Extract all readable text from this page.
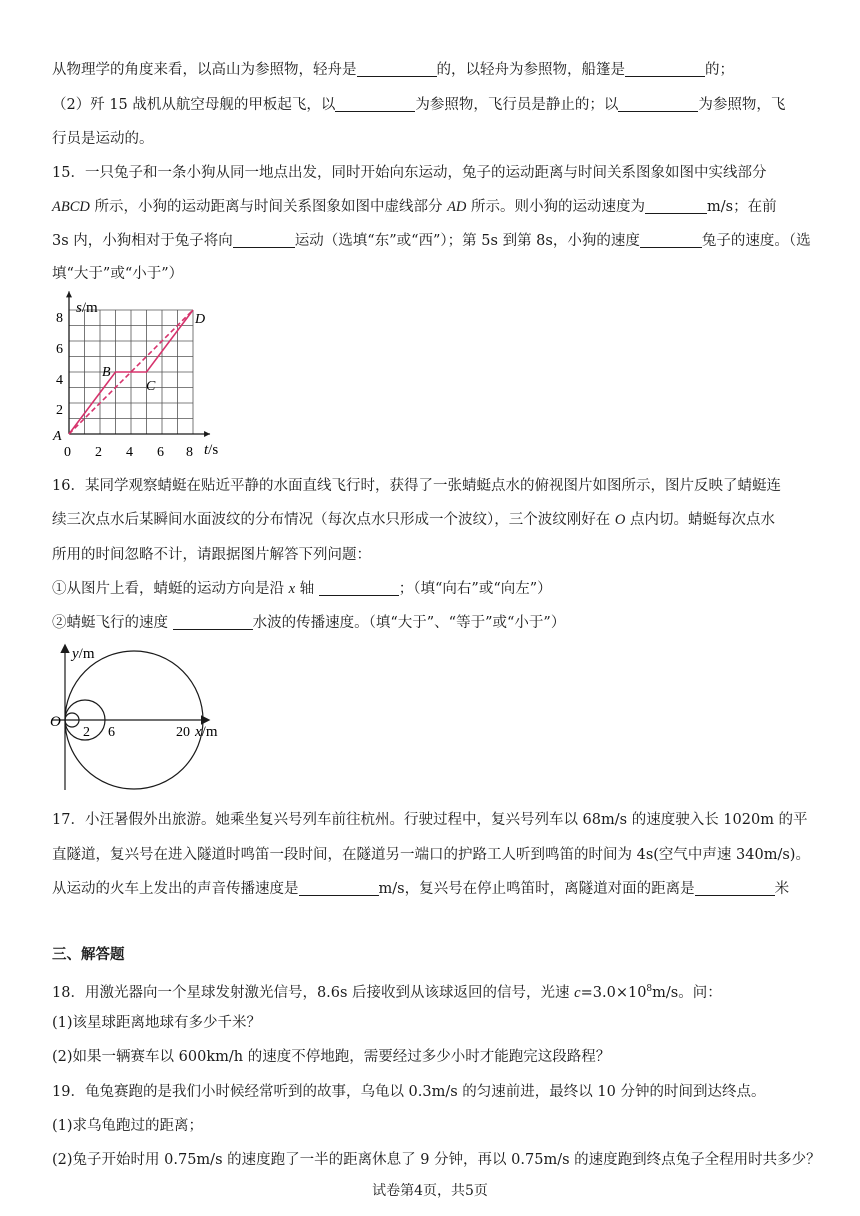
从物理学的角度来看，以高山为参照物，轻舟是	的，以轻舟为参照物，船篷是	的；
（2）歼 15 战机从航空母舰的甲板起飞，以	为参照物，飞行员是静止的；以	为参照物，飞
行员是运动的。
15．一只兔子和一条小狗从同一地点出发，同时开始向东运动，兔子的运动距离与时间关系图象如图中实线部分
ABCD 所示，小狗的运动距离与时间关系图象如图中虚线部分 AD 所示。则小狗的运动速度为	m/s；在前
3s 内，小狗相对于兔子将向	运动（选填“东”或“西”）；第 5s 到第 8s，小狗的速度	兔子的速度。（选
填“大于”或“小于”）
s/m
t/s
8
6
4
2
0 2 4 6 8
A
B
C
D
16．某同学观察蜻蜓在贴近平静的水面直线飞行时，获得了一张蜻蜓点水的俯视图片如图所示，图片反映了蜻蜓连
续三次点水后某瞬间水面波纹的分布情况（每次点水只形成一个波纹），三个波纹刚好在 O 点内切。蜻蜓每次点水
所用的时间忽略不计，请跟据图片解答下列问题：
①从图片上看，蜻蜓的运动方向是沿 x 轴	；（填“向右”或“向左”）
②蜻蜓飞行的速度	水波的传播速度。（填“大于”、“等于”或“小于”）
y/m
O
2 6	20 x/m
17．小汪暑假外出旅游。她乘坐复兴号列车前往杭州。行驶过程中，复兴号列车以 68m/s 的速度驶入长 1020m 的平
直隧道，复兴号在进入隧道时鸣笛一段时间，在隧道另一端口的护路工人听到鸣笛的时间为 4s(空气中声速 340m/s)。
从运动的火车上发出的声音传播速度是	m/s，复兴号在停止鸣笛时，离隧道对面的距离是	米
三、解答题
18．用激光器向一个星球发射激光信号，8.6s 后接收到从该球返回的信号，光速 $c=3.0\times 10^8m/s$。问：
(1)该星球距离地球有多少千米？
(2)如果一辆赛车以 600km/h 的速度不停地跑，需要经过多少小时才能跑完这段路程？
19．龟兔赛跑的是我们小时候经常听到的故事，乌龟以 0.3m/s 的匀速前进，最终以 10 分钟的时间到达终点。
(1)求乌龟跑过的距离；
(2)兔子开始时用 0.75m/s 的速度跑了一半的距离休息了 9 分钟，再以 0.75m/s 的速度跑到终点兔子全程用时共多少？
试卷第4页，共5页
